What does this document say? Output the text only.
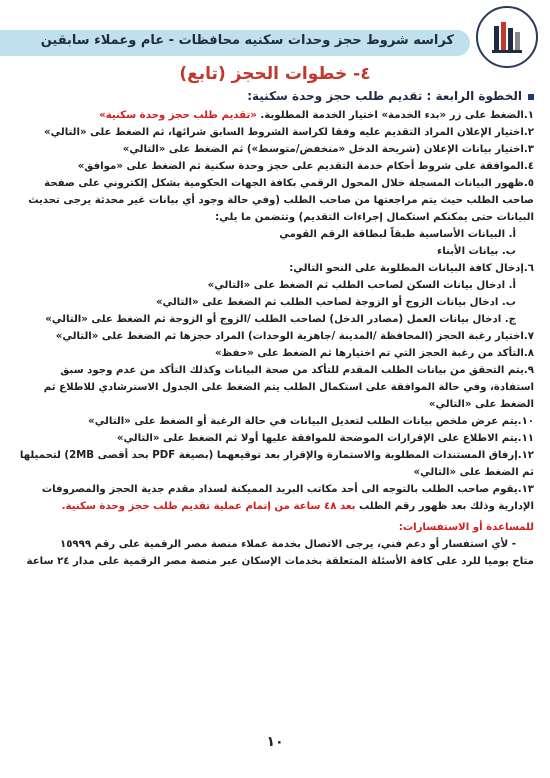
كراسه شروط حجز وحدات سكنيه محافظات - عام وعملاء سابقين
٤- خطوات الحجز (تابع)
الخطوة الرابعة : تقديم طلب حجز وحدة سكنية:
١.الضغط على زر «بدء الخدمة» اختيار الخدمة المطلوبة. «تقديم طلب حجز وحدة سكنية»
٢.اختيار الإعلان المراد التقديم عليه وفقا لكراسة الشروط السابق شرائها، ثم الضغط على «التالي»
٣.اختيار بيانات الإعلان (شريحة الدخل «منخفض/متوسط») ثم الضغط على «التالي»
٤.الموافقة على شروط أحكام خدمة التقديم على حجز وحدة سكنية ثم الضغط على «موافق»
٥.ظهور البيانات المسجلة خلال المحول الرقمي بكافة الجهات الحكومية بشكل إلكتروني على صفحة صاحب الطلب حيث يتم مراجعتها من صاحب الطلب (وفي حالة وجود أي بيانات غير محدثة يرجى تحديث البيانات حتى يمكنكم استكمال إجراءات التقديم) وتتضمن ما يلي:
أ. البيانات الأساسية طبقاً لبطاقة الرقم القومي
ب. بيانات الأبناء
٦.إدخال كافة البيانات المطلوبة على النحو التالي:
أ. ادخال بيانات السكن لصاحب الطلب ثم الضغط على «التالي»
ب. ادخال بيانات الزوج أو الزوجة لصاحب الطلب ثم الضغط على «التالي»
ج. ادخال بيانات العمل (مصادر الدخل) لصاحب الطلب /الزوج أو الزوجة ثم الضغط على «التالي»
٧.اختيار رغبة الحجز (المحافظة /المدينة /جاهزية الوحدات) المراد حجزها ثم الضغط على «التالي»
٨.التأكد من رغبة الحجز التي تم اختيارها ثم الضغط على «حفظ»
٩.يتم التحقق من بيانات الطلب المقدم للتأكد من صحة البيانات وكذلك التأكد من عدم وجود سبق استفادة، وفي حالة الموافقة على استكمال الطلب يتم الضغط على الجدول الاسترشادي للاطلاع ثم الضغط على «التالي»
١٠.يتم عرض ملخص بيانات الطلب لتعديل البيانات في حالة الرغبة أو الضغط على «التالي»
١١.يتم الاطلاع على الإقرارات الموضحة للموافقة عليها أولا ثم الضغط على «التالي»
١٢.إرفاق المستندات المطلوبة والاستمارة والإقرار بعد توقيعهما (بصيغة PDF بحد أقصى 2MB) لتحميلها ثم الضغط على «التالي»
١٣.يقوم صاحب الطلب بالتوجه الى أحد مكاتب البريد المميكنة لسداد مقدم جدية الحجز والمصروفات الإدارية وذلك بعد ظهور رقم الطلب بعد ٤٨ ساعة من إتمام عملية تقديم طلب حجز وحدة سكنية.
للمساعدة أو الاستفسارات:
- لأي استفسار أو دعم فني، يرجى الاتصال بخدمة عملاء منصة مصر الرقمية على رقم ١٥٩٩٩
متاح يوميا للرد على كافة الأسئلة المتعلقة بخدمات الإسكان عبر منصة مصر الرقمية على مدار ٢٤ ساعة
١٠
